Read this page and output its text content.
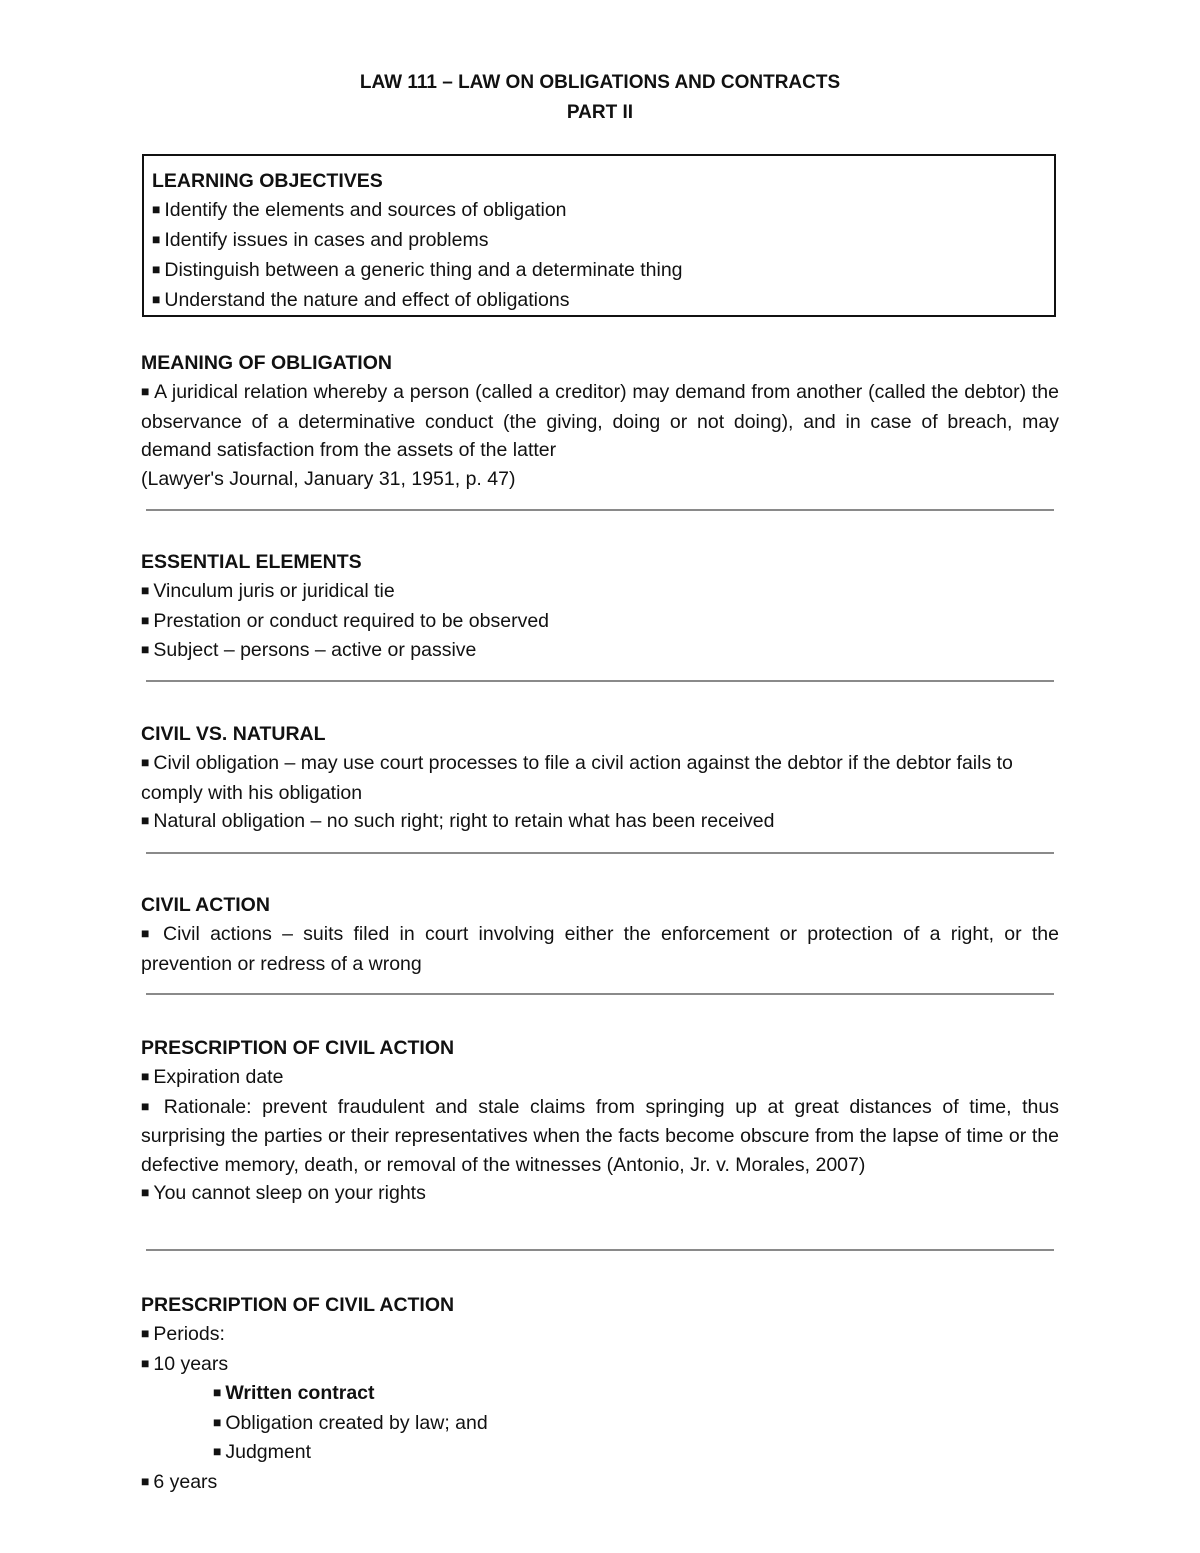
LAW 111 – LAW ON OBLIGATIONS AND CONTRACTS
PART II
LEARNING OBJECTIVES
■ Identify the elements and sources of obligation
■ Identify issues in cases and problems
■ Distinguish between a generic thing and a determinate thing
■ Understand the nature and effect of obligations
MEANING OF OBLIGATION
■ A juridical relation whereby a person (called a creditor) may demand from another (called the debtor) the observance of a determinative conduct (the giving, doing or not doing), and in case of breach, may demand satisfaction from the assets of the latter
(Lawyer's Journal, January 31, 1951, p. 47)
ESSENTIAL ELEMENTS
■ Vinculum juris or juridical tie
■ Prestation or conduct required to be observed
■ Subject – persons – active or passive
CIVIL VS. NATURAL
■ Civil obligation – may use court processes to file a civil action against the debtor if the debtor fails to comply with his obligation
■ Natural obligation – no such right; right to retain what has been received
CIVIL ACTION
■ Civil actions – suits filed in court involving either the enforcement or protection of a right, or the prevention or redress of a wrong
PRESCRIPTION OF CIVIL ACTION
■ Expiration date
■ Rationale: prevent fraudulent and stale claims from springing up at great distances of time, thus surprising the parties or their representatives when the facts become obscure from the lapse of time or the defective memory, death, or removal of the witnesses (Antonio, Jr. v. Morales, 2007)
■ You cannot sleep on your rights
PRESCRIPTION OF CIVIL ACTION
■ Periods:
■ 10 years
■ Written contract
■ Obligation created by law; and
■ Judgment
■ 6 years
